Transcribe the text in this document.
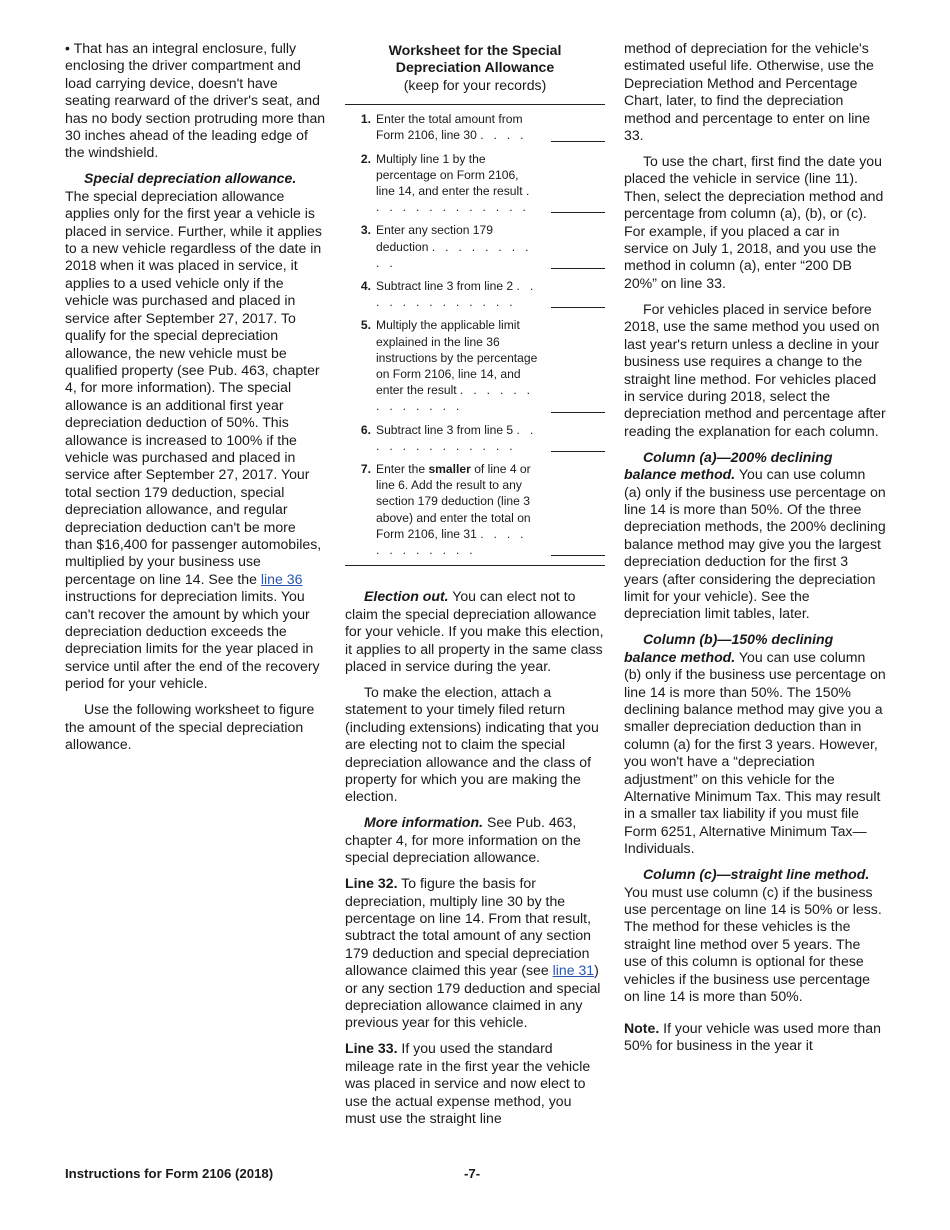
• That has an integral enclosure, fully enclosing the driver compartment and load carrying device, doesn't have seating rearward of the driver's seat, and has no body section protruding more than 30 inches ahead of the leading edge of the windshield.

Special depreciation allowance.
The special depreciation allowance applies only for the first year a vehicle is placed in service. Further, while it applies to a new vehicle regardless of the date in 2018 when it was placed in service, it applies to a used vehicle only if the vehicle was purchased and placed in service after September 27, 2017. To qualify for the special depreciation allowance, the new vehicle must be qualified property (see Pub. 463, chapter 4, for more information). The special allowance is an additional first year depreciation deduction of 50%. This allowance is increased to 100% if the vehicle was purchased and placed in service after September 27, 2017. Your total section 179 deduction, special depreciation allowance, and regular depreciation deduction can't be more than $16,400 for passenger automobiles, multiplied by your business use percentage on line 14. See the line 36 instructions for depreciation limits. You can't recover the amount by which your depreciation deduction exceeds the depreciation limits for the year placed in service until after the end of the recovery period for your vehicle.

Use the following worksheet to figure the amount of the special depreciation allowance.

Worksheet for the Special Depreciation Allowance
(keep for your records)
1. Enter the total amount from Form 2106, line 30 . . . .
2. Multiply line 1 by the percentage on Form 2106, line 14, and enter the result . . . . . . . . . . . . .
3. Enter any section 179 deduction . . . . . . . . . .
4. Subtract line 3 from line 2 . . . . . . . . . . . . .
5. Multiply the applicable limit explained in the line 36 instructions by the percentage on Form 2106, line 14, and enter the result . . . . . . . . . . . . .
6. Subtract line 3 from line 5 . . . . . . . . . . . . .
7. Enter the smaller of line 4 or line 6. Add the result to any section 179 deduction (line 3 above) and enter the total on Form 2106, line 31 . . . . . . . . . . . .

Election out. You can elect not to claim the special depreciation allowance for your vehicle. If you make this election, it applies to all property in the same class placed in service during the year.

To make the election, attach a statement to your timely filed return (including extensions) indicating that you are electing not to claim the special depreciation allowance and the class of property for which you are making the election.

More information. See Pub. 463, chapter 4, for more information on the special depreciation allowance.

Line 32. To figure the basis for depreciation, multiply line 30 by the percentage on line 14. From that result, subtract the total amount of any section 179 deduction and special depreciation allowance claimed this year (see line 31) or any section 179 deduction and special depreciation allowance claimed in any previous year for this vehicle.

Line 33. If you used the standard mileage rate in the first year the vehicle was placed in service and now elect to use the actual expense method, you must use the straight line

method of depreciation for the vehicle's estimated useful life. Otherwise, use the Depreciation Method and Percentage Chart, later, to find the depreciation method and percentage to enter on line 33.

To use the chart, first find the date you placed the vehicle in service (line 11). Then, select the depreciation method and percentage from column (a), (b), or (c). For example, if you placed a car in service on July 1, 2018, and you use the method in column (a), enter “200 DB 20%” on line 33.

For vehicles placed in service before 2018, use the same method you used on last year's return unless a decline in your business use requires a change to the straight line method. For vehicles placed in service during 2018, select the depreciation method and percentage after reading the explanation for each column.

Column (a)—200% declining balance method. You can use column (a) only if the business use percentage on line 14 is more than 50%. Of the three depreciation methods, the 200% declining balance method may give you the largest depreciation deduction for the first 3 years (after considering the depreciation limit for your vehicle). See the depreciation limit tables, later.

Column (b)—150% declining balance method. You can use column (b) only if the business use percentage on line 14 is more than 50%. The 150% declining balance method may give you a smaller depreciation deduction than in column (a) for the first 3 years. However, you won't have a “depreciation adjustment” on this vehicle for the Alternative Minimum Tax. This may result in a smaller tax liability if you must file Form 6251, Alternative Minimum Tax—Individuals.

Column (c)—straight line method. You must use column (c) if the business use percentage on line 14 is 50% or less. The method for these vehicles is the straight line method over 5 years. The use of this column is optional for these vehicles if the business use percentage on line 14 is more than 50%.

Note. If your vehicle was used more than 50% for business in the year it

Instructions for Form 2106 (2018)	-7-
